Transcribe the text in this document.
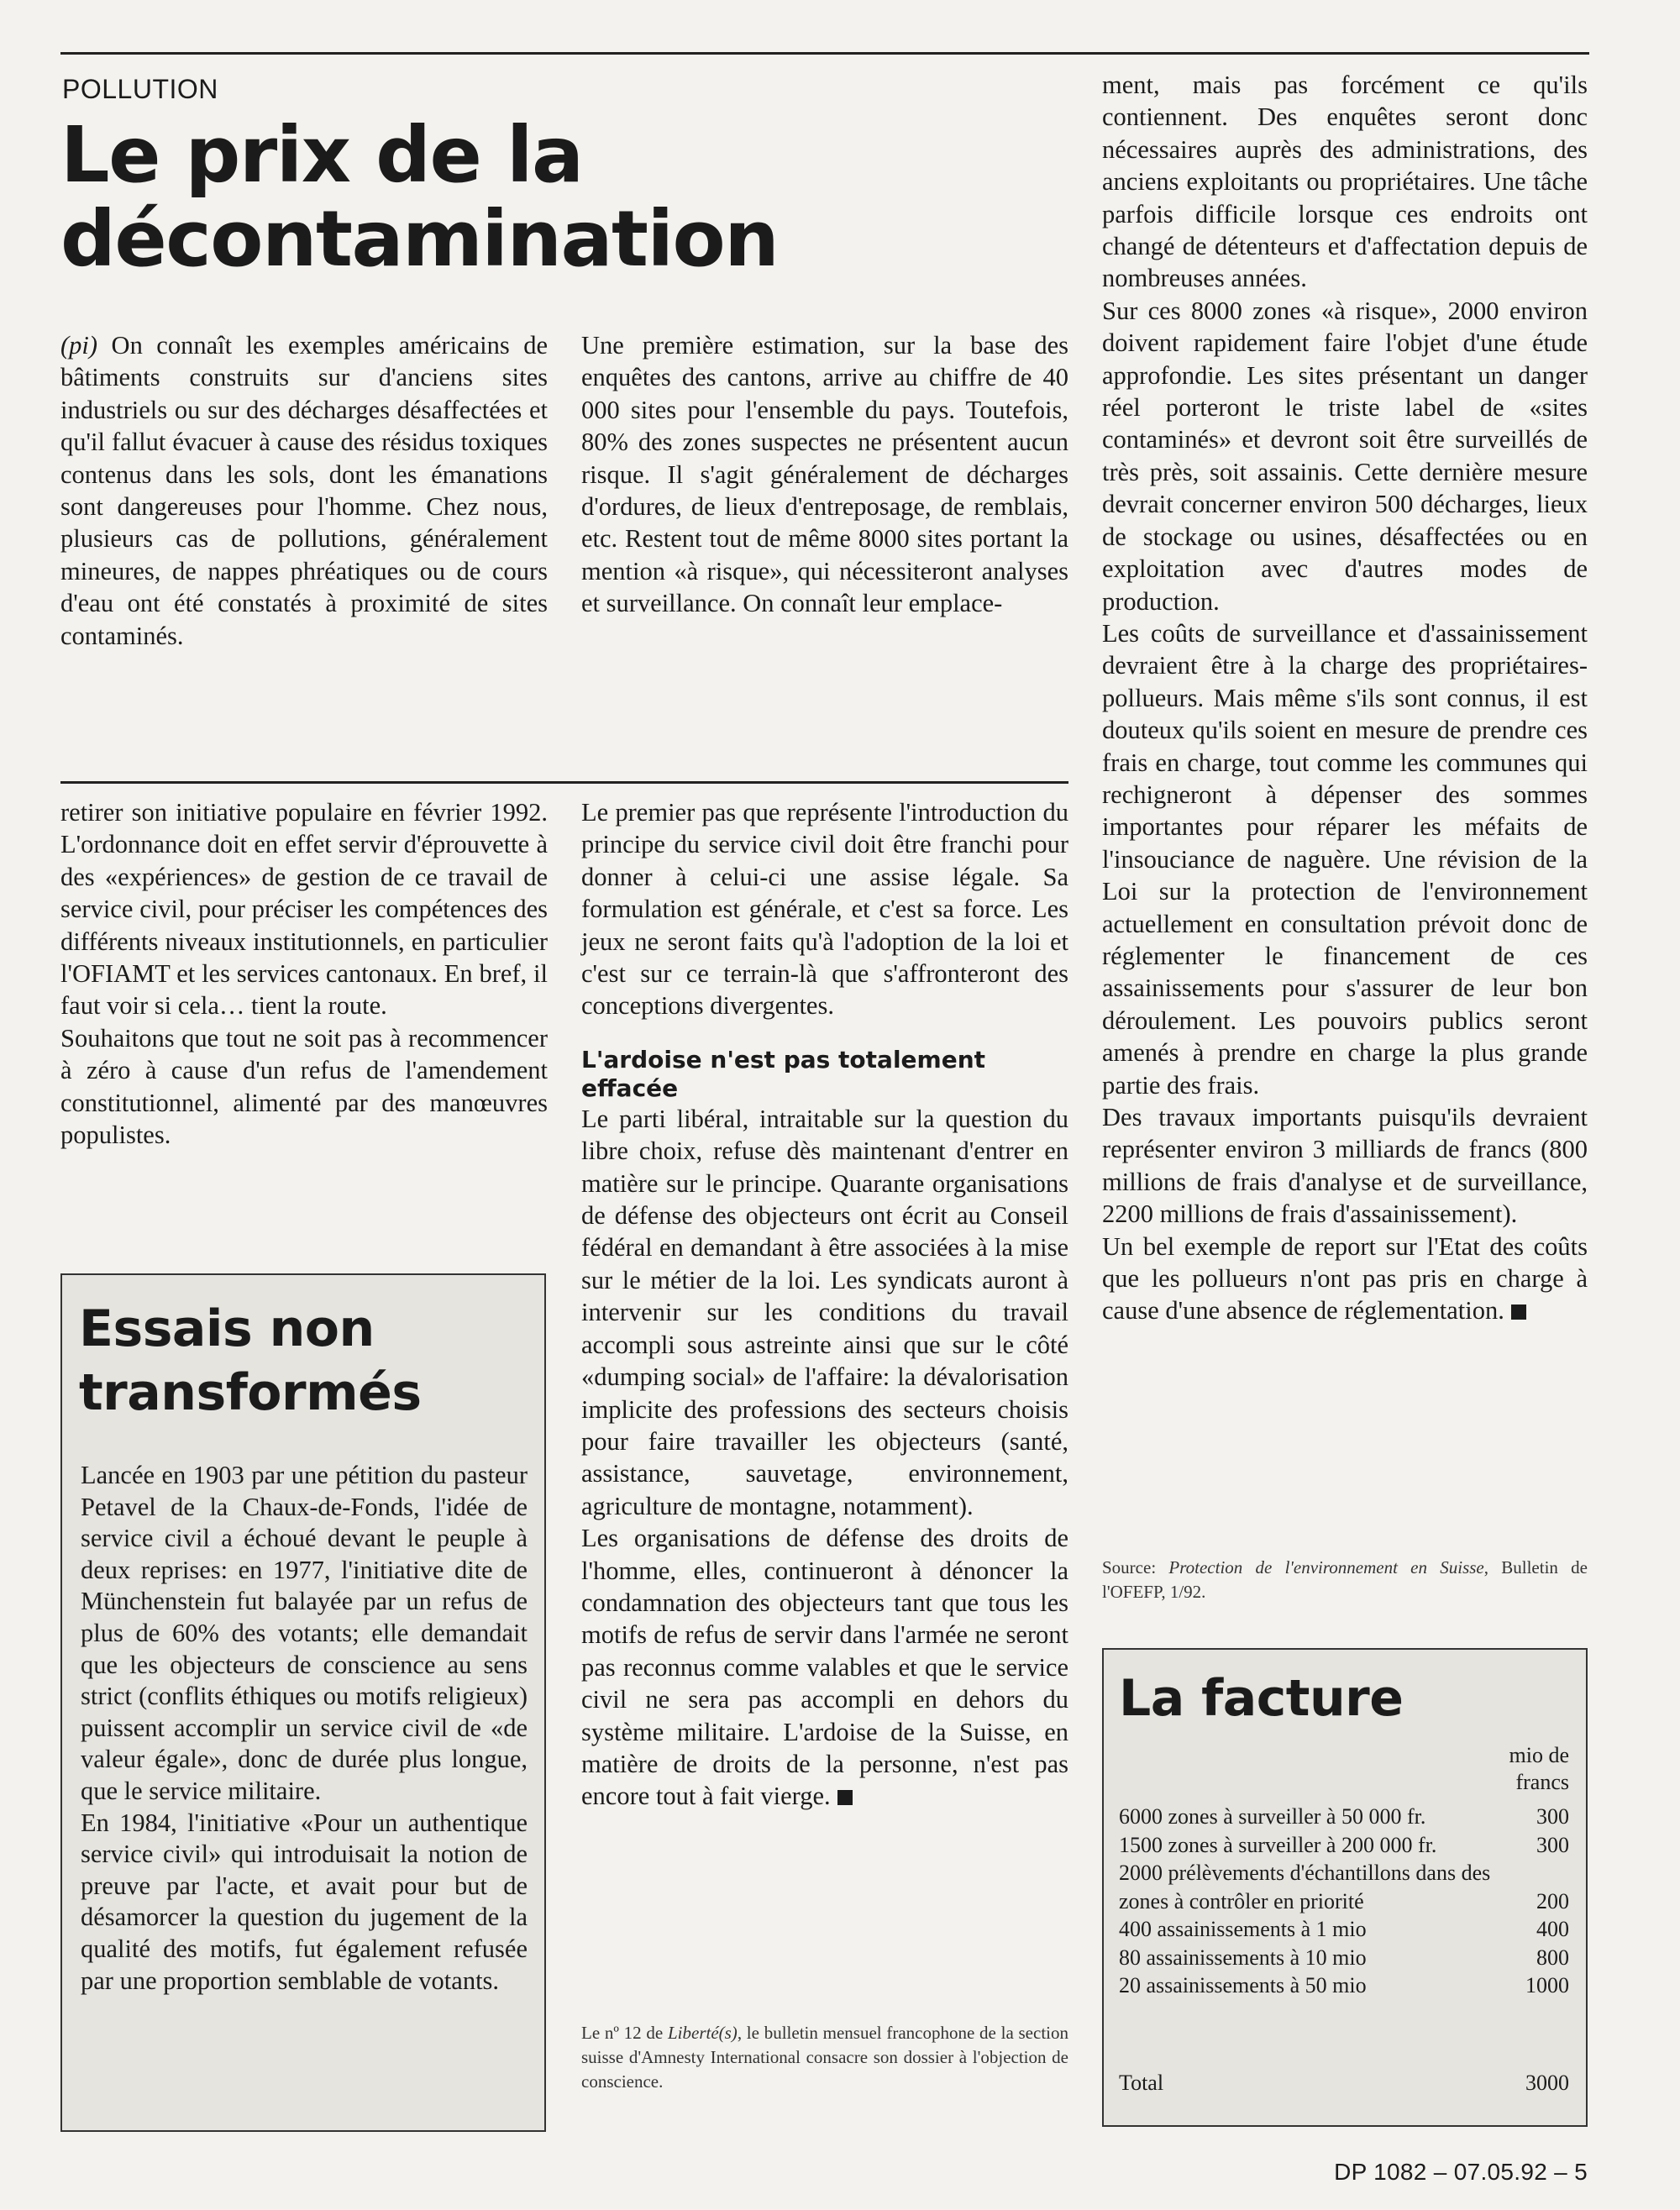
POLLUTION
Le prix de la décontamination

(pi) On connaît les exemples américains de bâtiments construits sur d'anciens sites industriels ou sur des décharges désaffectées et qu'il fallut évacuer à cause des résidus toxiques contenus dans les sols, dont les émanations sont dangereuses pour l'homme. Chez nous, plusieurs cas de pollutions, généralement mineures, de nappes phréatiques ou de cours d'eau ont été constatés à proximité de sites contaminés.

Une première estimation, sur la base des enquêtes des cantons, arrive au chiffre de 40 000 sites pour l'ensemble du pays. Toutefois, 80% des zones suspectes ne présentent aucun risque. Il s'agit généralement de décharges d'ordures, de lieux d'entreposage, de remblais, etc. Restent tout de même 8000 sites portant la mention «à risque», qui nécessiteront analyses et surveillance. On connaît leur emplace-

ment, mais pas forcément ce qu'ils contiennent. Des enquêtes seront donc nécessaires auprès des administrations, des anciens exploitants ou propriétaires. Une tâche parfois difficile lorsque ces endroits ont changé de détenteurs et d'affectation depuis de nombreuses années.

Sur ces 8000 zones «à risque», 2000 environ doivent rapidement faire l'objet d'une étude approfondie. Les sites présentant un danger réel porteront le triste label de «sites contaminés» et devront soit être surveillés de très près, soit assainis. Cette dernière mesure devrait concerner environ 500 décharges, lieux de stockage ou usines, désaffectées ou en exploitation avec d'autres modes de production.

Les coûts de surveillance et d'assainissement devraient être à la charge des propriétaires-pollueurs. Mais même s'ils sont connus, il est douteux qu'ils soient en mesure de prendre ces frais en charge, tout comme les communes qui rechigneront à dépenser des sommes importantes pour réparer les méfaits de l'insouciance de naguère. Une révision de la Loi sur la protection de l'environnement actuellement en consultation prévoit donc de réglementer le financement de ces assainissements pour s'assurer de leur bon déroulement. Les pouvoirs publics seront amenés à prendre en charge la plus grande partie des frais.

Des travaux importants puisqu'ils devraient représenter environ 3 milliards de francs (800 millions de frais d'analyse et de surveillance, 2200 millions de frais d'assainissement).

Un bel exemple de report sur l'Etat des coûts que les pollueurs n'ont pas pris en charge à cause d'une absence de réglementation.

Source: Protection de l'environnement en Suisse, Bulletin de l'OFEFP, 1/92.

retirer son initiative populaire en février 1992. L'ordonnance doit en effet servir d'éprouvette à des «expériences» de gestion de ce travail de service civil, pour préciser les compétences des différents niveaux institutionnels, en particulier l'OFIAMT et les services cantonaux. En bref, il faut voir si cela… tient la route.

Souhaitons que tout ne soit pas à recommencer à zéro à cause d'un refus de l'amendement constitutionnel, alimenté par des manœuvres populistes.

Le premier pas que représente l'introduction du principe du service civil doit être franchi pour donner à celui-ci une assise légale. Sa formulation est générale, et c'est sa force. Les jeux ne seront faits qu'à l'adoption de la loi et c'est sur ce terrain-là que s'affronteront des conceptions divergentes.

L'ardoise n'est pas totalement effacée

Le parti libéral, intraitable sur la question du libre choix, refuse dès maintenant d'entrer en matière sur le principe. Quarante organisations de défense des objecteurs ont écrit au Conseil fédéral en demandant à être associées à la mise sur le métier de la loi. Les syndicats auront à intervenir sur les conditions du travail accompli sous astreinte ainsi que sur le côté «dumping social» de l'affaire: la dévalorisation implicite des professions des secteurs choisis pour faire travailler les objecteurs (santé, assistance, sauvetage, environnement, agriculture de montagne, notamment).

Les organisations de défense des droits de l'homme, elles, continueront à dénoncer la condamnation des objecteurs tant que tous les motifs de refus de servir dans l'armée ne seront pas reconnus comme valables et que le service civil ne sera pas accompli en dehors du système militaire. L'ardoise de la Suisse, en matière de droits de la personne, n'est pas encore tout à fait vierge.

Le nº 12 de Liberté(s), le bulletin mensuel francophone de la section suisse d'Amnesty International consacre son dossier à l'objection de conscience.
Essais non transformés

Lancée en 1903 par une pétition du pasteur Petavel de la Chaux-de-Fonds, l'idée de service civil a échoué devant le peuple à deux reprises: en 1977, l'initiative dite de Münchenstein fut balayée par un refus de plus de 60% des votants; elle demandait que les objecteurs de conscience au sens strict (conflits éthiques ou motifs religieux) puissent accomplir un service civil de «de valeur égale», donc de durée plus longue, que le service militaire.

En 1984, l'initiative «Pour un authentique service civil» qui introduisait la notion de preuve par l'acte, et avait pour but de désamorcer la question du jugement de la qualité des motifs, fut également refusée par une proportion semblable de votants.

La facture
mio de
francs
6000 zones à surveiller à 50 000 fr.	300
1500 zones à surveiller à 200 000 fr.	300
2000 prélèvements d'échantillons dans des zones à contrôler en priorité	200
400 assainissements à 1 mio	400
80 assainissements à 10 mio	800
20 assainissements à 50 mio	1000
Total	3000
DP 1082 – 07.05.92 – 5
